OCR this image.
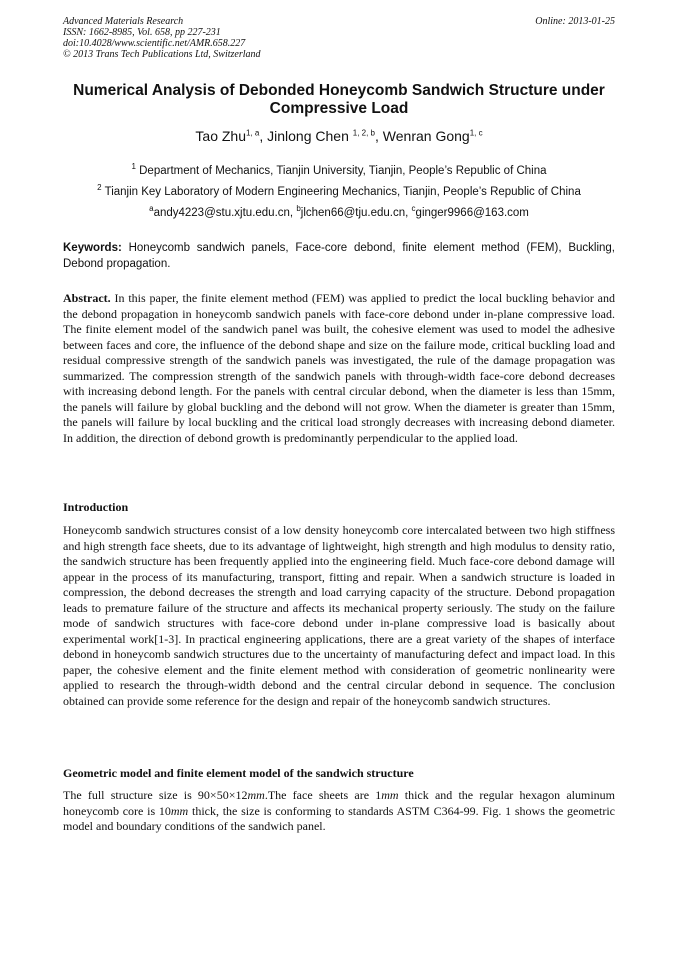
Advanced Materials Research
ISSN: 1662-8985, Vol. 658, pp 227-231
doi:10.4028/www.scientific.net/AMR.658.227
© 2013 Trans Tech Publications Ltd, Switzerland
Online: 2013-01-25
Numerical Analysis of Debonded Honeycomb Sandwich Structure under Compressive Load
Tao Zhu$^{1, a}$, Jinlong Chen $^{1, 2, b}$, Wenran Gong$^{1, c}$
$^1$ Department of Mechanics, Tianjin University, Tianjin, People’s Republic of China
$^2$ Tianjin Key Laboratory of Modern Engineering Mechanics, Tianjin, People’s Republic of China
$^a$andy4223@stu.xjtu.edu.cn, $^b$jlchen66@tju.edu.cn, $^c$ginger9966@163.com
Keywords: Honeycomb sandwich panels, Face-core debond, finite element method (FEM), Buckling, Debond propagation.
Abstract. In this paper, the finite element method (FEM) was applied to predict the local buckling behavior and the debond propagation in honeycomb sandwich panels with face-core debond under in-plane compressive load. The finite element model of the sandwich panel was built, the cohesive element was used to model the adhesive between faces and core, the influence of the debond shape and size on the failure mode, critical buckling load and residual compressive strength of the sandwich panels was investigated, the rule of the damage propagation was summarized. The compression strength of the sandwich panels with through-width face-core debond decreases with increasing debond length. For the panels with central circular debond, when the diameter is less than 15mm, the panels will failure by global buckling and the debond will not grow. When the diameter is greater than 15mm, the panels will failure by local buckling and the critical load strongly decreases with increasing debond diameter. In addition, the direction of debond growth is predominantly perpendicular to the applied load.
Introduction
Honeycomb sandwich structures consist of a low density honeycomb core intercalated between two high stiffness and high strength face sheets, due to its advantage of lightweight, high strength and high modulus to density ratio, the sandwich structure has been frequently applied into the engineering field. Much face-core debond damage will appear in the process of its manufacturing, transport, fitting and repair. When a sandwich structure is loaded in compression, the debond decreases the strength and load carrying capacity of the structure. Debond propagation leads to premature failure of the structure and affects its mechanical property seriously. The study on the failure mode of sandwich structures with face-core debond under in-plane compressive load is basically about experimental work[1-3]. In practical engineering applications, there are a great variety of the shapes of interface debond in honeycomb sandwich structures due to the uncertainty of manufacturing defect and impact load. In this paper, the cohesive element and the finite element method with consideration of geometric nonlinearity were applied to research the through-width debond and the central circular debond in sequence. The conclusion obtained can provide some reference for the design and repair of the honeycomb sandwich structures.
Geometric model and finite element model of the sandwich structure
The full structure size is 90×50×12mm.The face sheets are 1mm thick and the regular hexagon aluminum honeycomb core is 10mm thick, the size is conforming to standards ASTM C364-99. Fig. 1 shows the geometric model and boundary conditions of the sandwich panel.
